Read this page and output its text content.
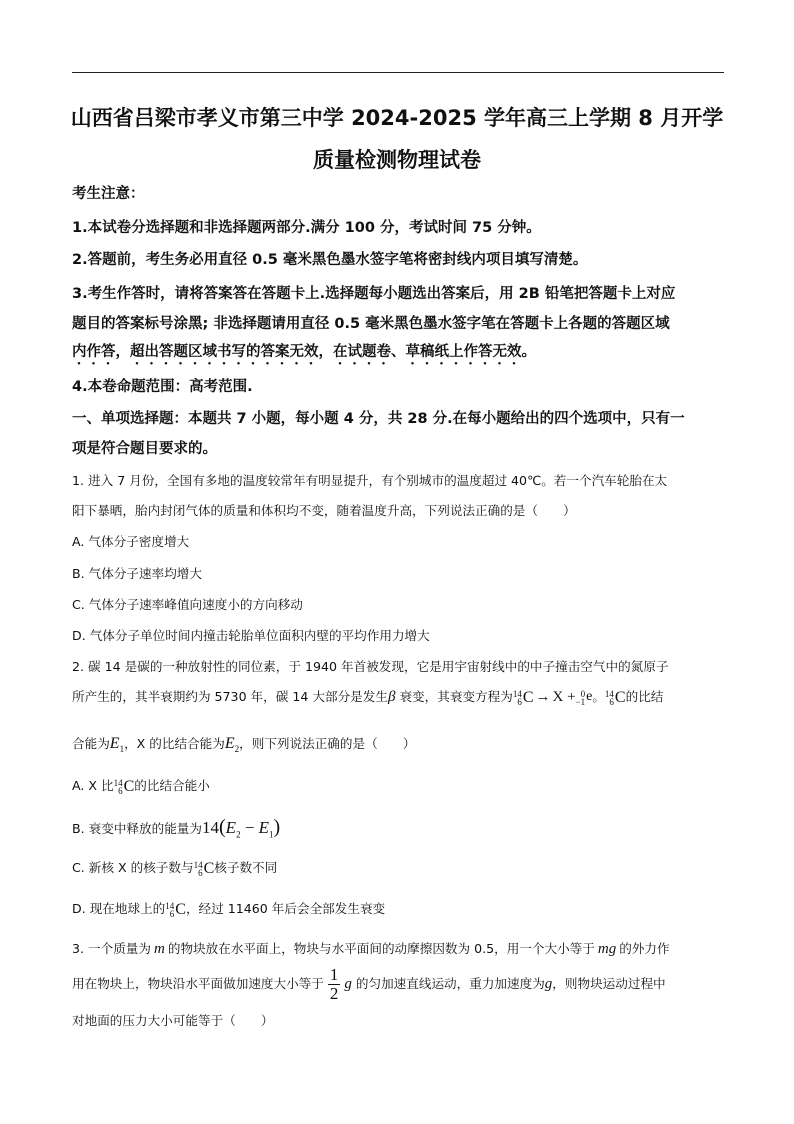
山西省吕梁市孝义市第三中学 2024-2025 学年高三上学期 8 月开学
质量检测物理试卷

考生注意：

1.本试卷分选择题和非选择题两部分.满分 100 分，考试时间 75 分钟。

2.答题前，考生务必用直径 0.5 毫米黑色墨水签字笔将密封线内项目填写清楚。

3.考生作答时，请将答案答在答题卡上.选择题每小题选出答案后，用 2B 铅笔把答题卡上对应

题目的答案标号涂黑; 非选择题请用直径 0.5 毫米黑色墨水签字笔在答题卡上各题的答题区域

内作答，超出答题区域书写的答案无效，在试题卷、草稿纸上作答无效。

4.本卷命题范围：高考范围.

一、单项选择题：本题共 7 小题，每小题 4 分，共 28 分.在每小题给出的四个选项中，只有一

项是符合题目要求的。

1. 进入 7 月份，全国有多地的温度较常年有明显提升，有个别城市的温度超过 40℃。若一个汽车轮胎在太

阳下暴晒，胎内封闭气体的质量和体积均不变，随着温度升高，下列说法正确的是（　　）

A. 气体分子密度增大

B. 气体分子速率均增大

C. 气体分子速率峰值向速度小的方向移动

D. 气体分子单位时间内撞击轮胎单位面积内壁的平均作用力增大

2. 碳 14 是碳的一种放射性的同位素，于 1940 年首被发现，它是用宇宙射线中的中子撞击空气中的氮原子

所产生的，其半衰期约为 5730 年，碳 14 大部分是发生β 衰变，其衰变方程为 14
6 C → X + 0
−1 e。 14
6 C的比结

合能为$E_1$，X 的比结合能为$E_2$，则下列说法正确的是（　　）

A. X 比 14
6 C的比结合能小

B. 衰变中释放的能量为$14(E_2 - E_1)$

C. 新核 X 的核子数与 14
6 C核子数不同

D. 现在地球上的 14
6 C，经过 11460 年后会全部发生衰变

3. 一个质量为 m 的物块放在水平面上，物块与水平面间的动摩擦因数为 0.5，用一个大小等于 mg 的外力作

用在物块上，物块沿水平面做加速度大小等于 $\frac{1}{2}$ g 的匀加速直线运动，重力加速度为g，则物块运动过程中

对地面的压力大小可能等于（　　）
